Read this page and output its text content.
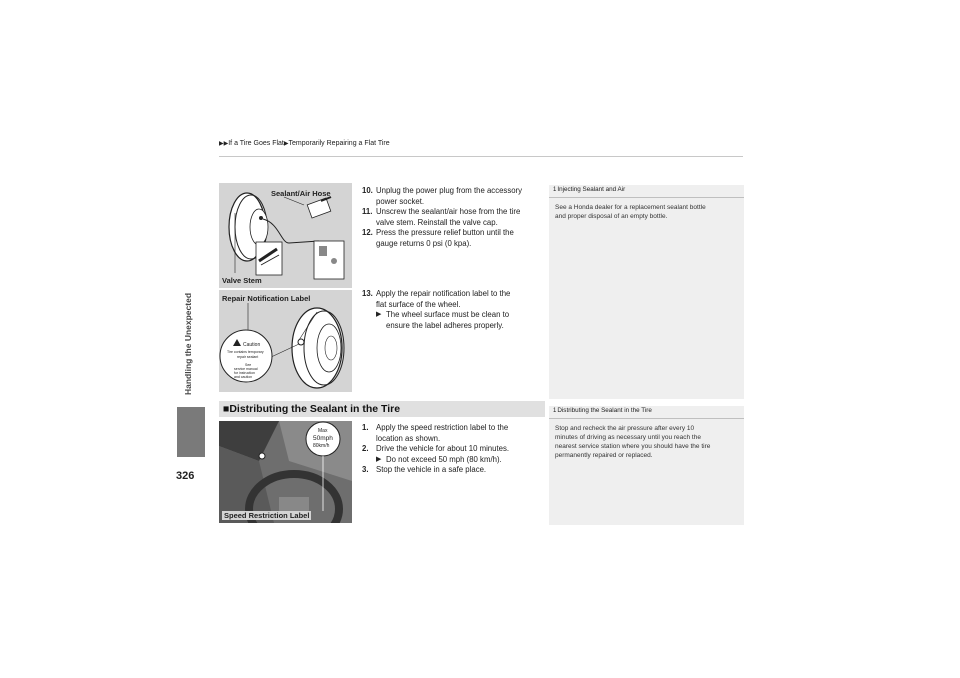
▶▶If a Tire Goes Flat▶Temporarily Repairing a Flat Tire
Handling the Unexpected
326
Sealant/Air Hose
Valve Stem
Repair Notification Label
Caution
Tire contains temporary
repair sealant
See
service manual
for instruction
and caution
10. Unplug the power plug from the accessory
power socket.
11. Unscrew the sealant/air hose from the tire
valve stem. Reinstall the valve cap.
12. Press the pressure relief button until the
gauge returns 0 psi (0 kpa).
13. Apply the repair notification label to the
flat surface of the wheel.
▶ The wheel surface must be clean to
ensure the label adheres properly.
1Injecting Sealant and Air
See a Honda dealer for a replacement sealant bottle
and proper disposal of an empty bottle.
■Distributing the Sealant in the Tire	1Distributing the Sealant in the Tire
Stop and recheck the air pressure after every 10
minutes of driving as necessary until you reach the
nearest service station where you should have the tire
permanently repaired or replaced.
Max
50mph
80km/h
Speed Restriction Label
1. Apply the speed restriction label to the
location as shown.
2. Drive the vehicle for about 10 minutes.
▶ Do not exceed 50 mph (80 km/h).
3. Stop the vehicle in a safe place.
